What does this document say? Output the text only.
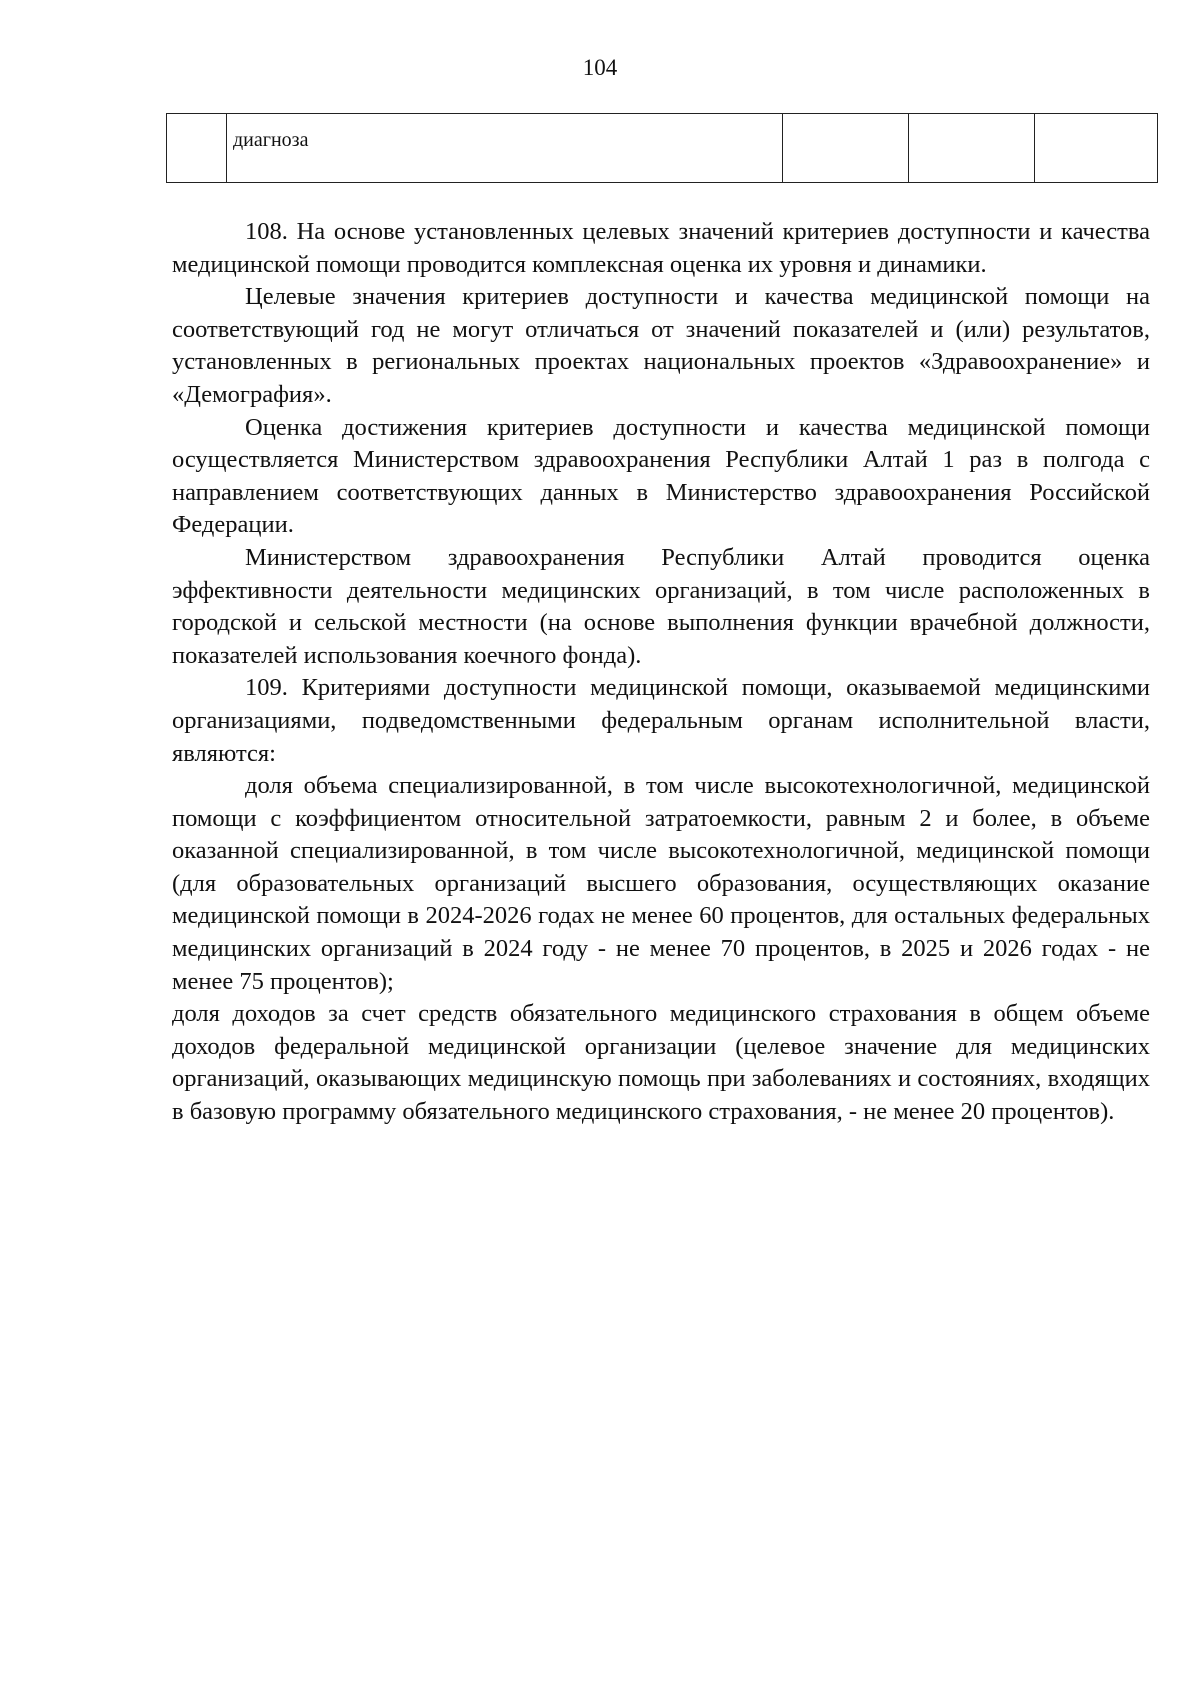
104
	диагноза			

108. На основе установленных целевых значений критериев доступности и качества медицинской помощи проводится комплексная оценка их уровня и динамики.

Целевые значения критериев доступности и качества медицинской помощи на соответствующий год не могут отличаться от значений показателей и (или) результатов, установленных в региональных проектах национальных проектов «Здравоохранение» и «Демография».

Оценка достижения критериев доступности и качества медицинской помощи осуществляется Министерством здравоохранения Республики Алтай 1 раз в полгода с направлением соответствующих данных в Министерство здравоохранения Российской Федерации.

Министерством здравоохранения Республики Алтай проводится оценка эффективности деятельности медицинских организаций, в том числе расположенных в городской и сельской местности (на основе выполнения функции врачебной должности, показателей использования коечного фонда).

109. Критериями доступности медицинской помощи, оказываемой медицинскими организациями, подведомственными федеральным органам исполнительной власти, являются:

доля объема специализированной, в том числе высокотехнологичной, медицинской помощи с коэффициентом относительной затратоемкости, равным 2 и более, в объеме оказанной специализированной, в том числе высокотехнологичной, медицинской помощи (для образовательных организаций высшего образования, осуществляющих оказание медицинской помощи в 2024-2026 годах не менее 60 процентов, для остальных федеральных медицинских организаций в 2024 году - не менее 70 процентов, в 2025 и 2026 годах - не менее 75 процентов);

доля доходов за счет средств обязательного медицинского страхования в общем объеме доходов федеральной медицинской организации (целевое значение для медицинских организаций, оказывающих медицинскую помощь при заболеваниях и состояниях, входящих в базовую программу обязательного медицинского страхования, - не менее 20 процентов).
